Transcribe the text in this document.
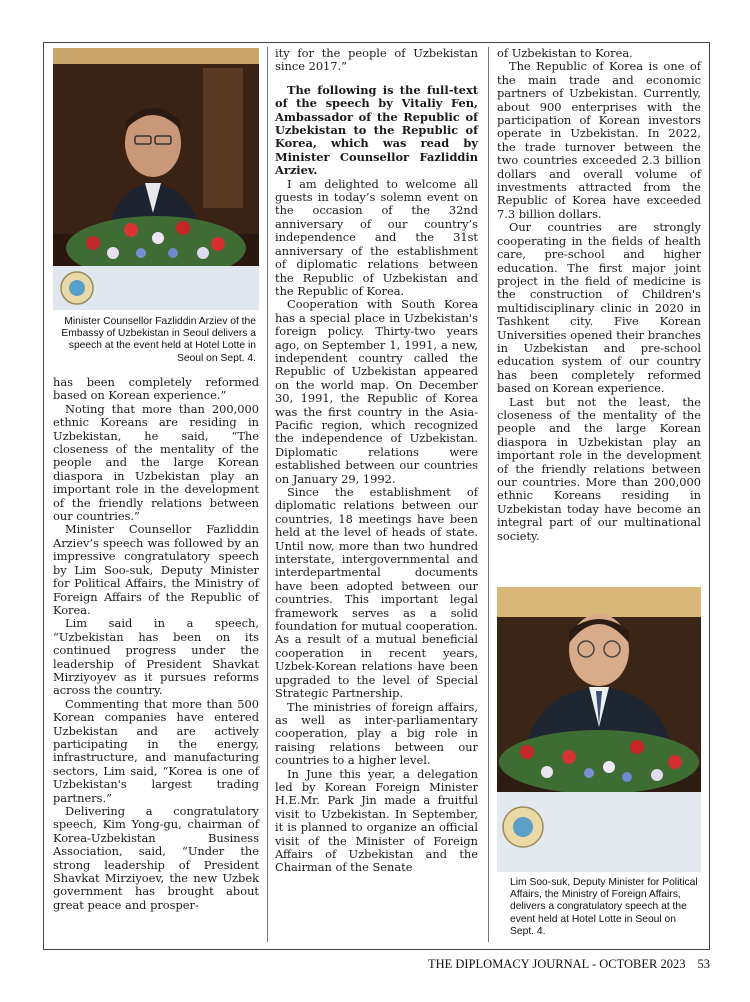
Minister Counsellor Fazliddin Arziev of the Embassy of Uzbekistan in Seoul delivers a speech at the event held at Hotel Lotte in Seoul on Sept. 4.
Lim Soo-suk, Deputy Minister for Political Affairs, the Ministry of Foreign Affairs, delivers a congratulatory speech at the event held at Hotel Lotte in Seoul on Sept. 4.

has been completely reformed based on Korean experience.”

Noting that more than 200,000 ethnic Koreans are residing in Uzbekistan, he said, “The closeness of the mentality of the people and the large Korean diaspora in Uzbekistan play an important role in the development of the friendly relations between our countries.”

Minister Counsellor Fazliddin Arziev’s speech was followed by an impressive congratulatory speech by Lim Soo-suk, Deputy Minister for Political Affairs, the Ministry of Foreign Affairs of the Republic of Korea.

Lim said in a speech, “Uzbekistan has been on its continued progress under the leadership of President Shavkat Mirziyoyev as it pursues reforms across the country.

Commenting that more than 500 Korean companies have entered Uzbekistan and are actively participating in the energy, infrastructure, and manufacturing sectors, Lim said, “Korea is one of Uzbekistan's largest trading partners.”

Delivering a congratulatory speech, Kim Yong-gu, chairman of Korea-Uzbekistan Business Association, said, “Under the strong leadership of President Shavkat Mirziyoev, the new Uzbek government has brought about great peace and prosper-

ity for the people of Uzbekistan since 2017.”

The following is the full-text of the speech by Vitaliy Fen, Ambassador of the Republic of Uzbekistan to the Republic of Korea, which was read by Minister Counsellor Fazliddin Arziev.

I am delighted to welcome all guests in today’s solemn event on the occasion of the 32nd anniversary of our country’s independence and the 31st anniversary of the establishment of diplomatic relations between the Republic of Uzbekistan and the Republic of Korea.

Cooperation with South Korea has a special place in Uzbekistan's foreign policy. Thirty-two years ago, on September 1, 1991, a new, independent country called the Republic of Uzbekistan appeared on the world map. On December 30, 1991, the Republic of Korea was the first country in the Asia-Pacific region, which recognized the independence of Uzbekistan. Diplomatic relations were established between our countries on January 29, 1992.

Since the establishment of diplomatic relations between our countries, 18 meetings have been held at the level of heads of state. Until now, more than two hundred interstate, intergovernmental and interdepartmental documents have been adopted between our countries. This important legal framework serves as a solid foundation for mutual cooperation. As a result of a mutual beneficial cooperation in recent years, Uzbek-Korean relations have been upgraded to the level of Special Strategic Partnership.

The ministries of foreign affairs, as well as inter-parliamentary cooperation, play a big role in raising relations between our countries to a higher level.

In June this year, a delegation led by Korean Foreign Minister H.E.Mr. Park Jin made a fruitful visit to Uzbekistan. In September, it is planned to organize an official visit of the Minister of Foreign Affairs of Uzbekistan and the Chairman of the Senate

of Uzbekistan to Korea.

The Republic of Korea is one of the main trade and economic partners of Uzbekistan. Currently, about 900 enterprises with the participation of Korean investors operate in Uzbekistan. In 2022, the trade turnover between the two countries exceeded 2.3 billion dollars and overall volume of investments attracted from the Republic of Korea have exceeded 7.3 billion dollars.

Our countries are strongly cooperating in the fields of health care, pre-school and higher education. The first major joint project in the field of medicine is the construction of Children's multidisciplinary clinic in 2020 in Tashkent city. Five Korean Universities opened their branches in Uzbekistan and pre-school education system of our country has been completely reformed based on Korean experience.

Last but not the least, the closeness of the mentality of the people and the large Korean diaspora in Uzbekistan play an important role in the development of the friendly relations between our countries. More than 200,000 ethnic Koreans residing in Uzbekistan today have become an integral part of our multinational society.

THE DIPLOMACY JOURNAL - OCTOBER 2023 53
